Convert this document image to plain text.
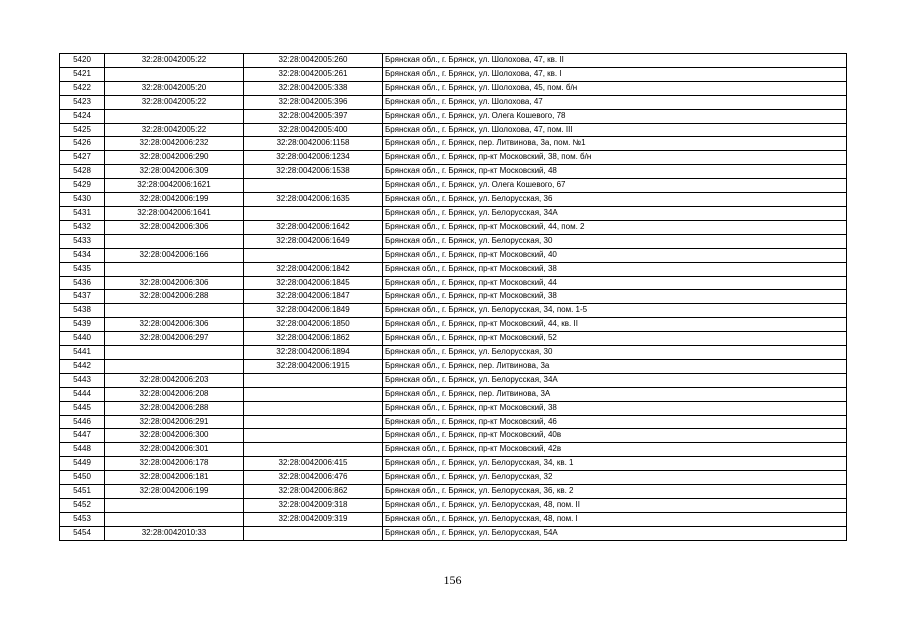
5420	32:28:0042005:22	32:28:0042005:260	Брянская обл., г. Брянск, ул. Шолохова, 47, кв. II
5421		32:28:0042005:261	Брянская обл., г. Брянск, ул. Шолохова, 47, кв. I
5422	32:28:0042005:20	32:28:0042005:338	Брянская обл., г. Брянск, ул. Шолохова, 45, пом. б/н
5423	32:28:0042005:22	32:28:0042005:396	Брянская обл., г. Брянск, ул. Шолохова, 47
5424		32:28:0042005:397	Брянская обл., г. Брянск, ул. Олега Кошевого, 78
5425	32:28:0042005:22	32:28:0042005:400	Брянская обл., г. Брянск, ул. Шолохова, 47, пом. III
5426	32:28:0042006:232	32:28:0042006:1158	Брянская обл., г. Брянск, пер. Литвинова, 3а, пом. №1
5427	32:28:0042006:290	32:28:0042006:1234	Брянская обл., г. Брянск, пр-кт Московский, 38, пом. б/н
5428	32:28:0042006:309	32:28:0042006:1538	Брянская обл., г. Брянск, пр-кт Московский, 48
5429	32:28:0042006:1621		Брянская обл., г. Брянск, ул. Олега Кошевого, 67
5430	32:28:0042006:199	32:28:0042006:1635	Брянская обл., г. Брянск, ул. Белорусская, 36
5431	32:28:0042006:1641		Брянская обл., г. Брянск, ул. Белорусская, 34А
5432	32:28:0042006:306	32:28:0042006:1642	Брянская обл., г. Брянск, пр-кт Московский, 44, пом. 2
5433		32:28:0042006:1649	Брянская обл., г. Брянск, ул. Белорусская, 30
5434	32:28:0042006:166		Брянская обл., г. Брянск, пр-кт Московский, 40
5435		32:28:0042006:1842	Брянская обл., г. Брянск, пр-кт Московский, 38
5436	32:28:0042006:306	32:28:0042006:1845	Брянская обл., г. Брянск, пр-кт Московский, 44
5437	32:28:0042006:288	32:28:0042006:1847	Брянская обл., г. Брянск, пр-кт Московский, 38
5438		32:28:0042006:1849	Брянская обл., г. Брянск, ул. Белорусская, 34, пом. 1-5
5439	32:28:0042006:306	32:28:0042006:1850	Брянская обл., г. Брянск, пр-кт Московский, 44, кв. II
5440	32:28:0042006:297	32:28:0042006:1862	Брянская обл., г. Брянск, пр-кт Московский, 52
5441		32:28:0042006:1894	Брянская обл., г. Брянск, ул. Белорусская, 30
5442		32:28:0042006:1915	Брянская обл., г. Брянск, пер. Литвинова, 3а
5443	32:28:0042006:203		Брянская обл., г. Брянск, ул. Белорусская, 34А
5444	32:28:0042006:208		Брянская обл., г. Брянск, пер. Литвинова, 3А
5445	32:28:0042006:288		Брянская обл., г. Брянск, пр-кт Московский, 38
5446	32:28:0042006:291		Брянская обл., г. Брянск, пр-кт Московский, 46
5447	32:28:0042006:300		Брянская обл., г. Брянск, пр-кт Московский, 40в
5448	32:28:0042006:301		Брянская обл., г. Брянск, пр-кт Московский, 42в
5449	32:28:0042006:178	32:28:0042006:415	Брянская обл., г. Брянск, ул. Белорусская, 34, кв. 1
5450	32:28:0042006:181	32:28:0042006:476	Брянская обл., г. Брянск, ул. Белорусская, 32
5451	32:28:0042006:199	32:28:0042006:862	Брянская обл., г. Брянск, ул. Белорусская, 36, кв. 2
5452		32:28:0042009:318	Брянская обл., г. Брянск, ул. Белорусская, 48, пом. II
5453		32:28:0042009:319	Брянская обл., г. Брянск, ул. Белорусская, 48, пом. I
5454	32:28:0042010:33		Брянская обл., г. Брянск, ул. Белорусская, 54А
156
